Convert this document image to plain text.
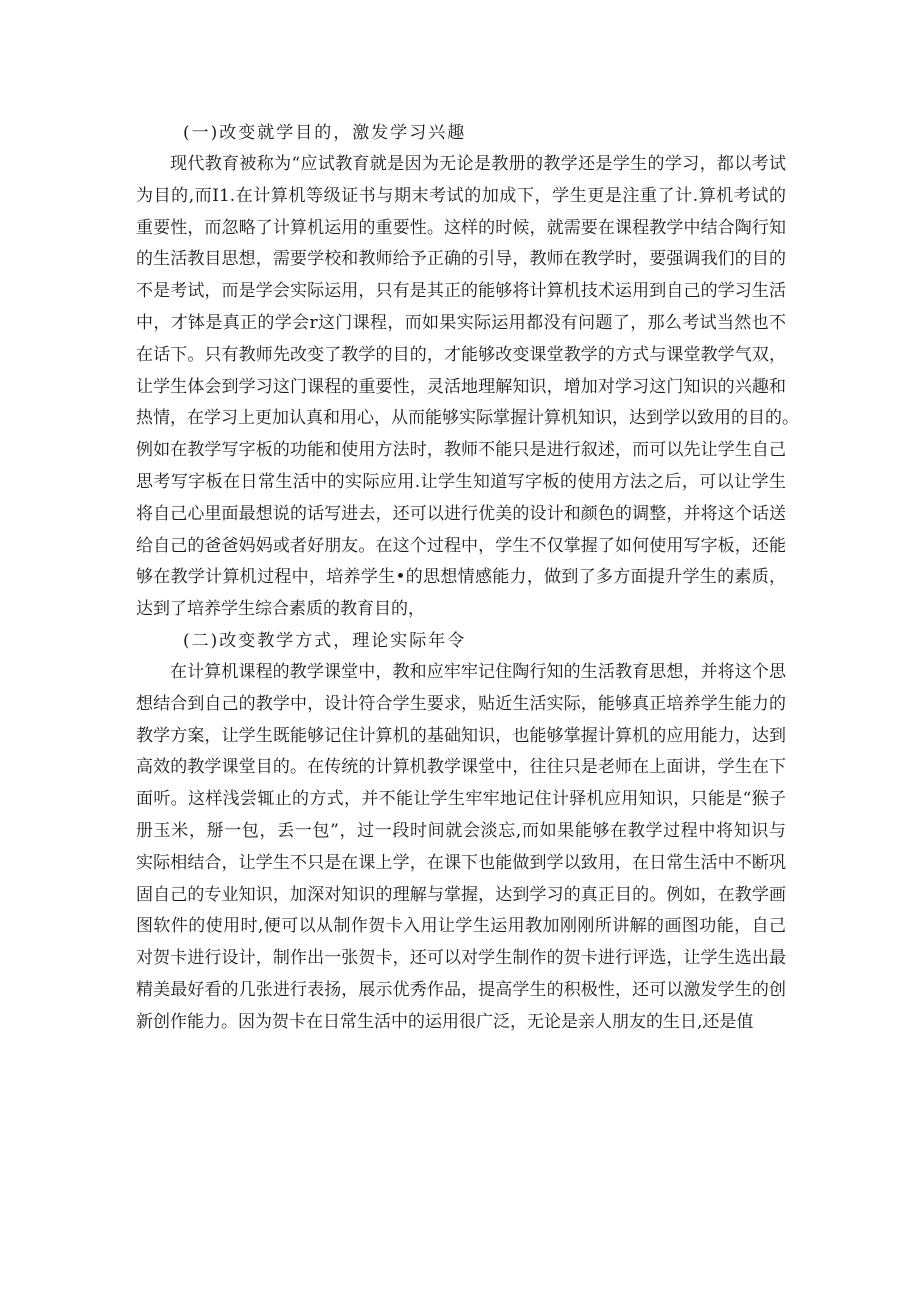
(一)改变就学目的，激发学习兴趣
现代教育被称为“应试教育就是因为无论是教册的教学还是学生的学习，都以考试
为目的,而I1.在计算机等级证书与期末考试的加成下，学生更是注重了计.算机考试的
重要性，而忽略了计算机运用的重要性。这样的时候，就需要在课程教学中结合陶行知
的生活教目思想，需要学校和教师给予正确的引导，教师在教学时，要强调我们的目的
不是考试，而是学会实际运用，只有是其正的能够将计算机技术运用到自己的学习生活
中，才钵是真正的学会r这门课程，而如果实际运用都没有问题了，那么考试当然也不
在话下。只有教师先改变了教学的目的，才能够改变课堂教学的方式与课堂教学气双，
让学生体会到学习这门课程的重要性，灵活地理解知识，增加对学习这门知识的兴趣和
热情，在学习上更加认真和用心，从而能够实际掌握计算机知识，达到学以致用的目的。
例如在教学写字板的功能和使用方法时，教师不能只是进行叙述，而可以先让学生自己
思考写字板在日常生活中的实际应用.让学生知道写字板的使用方法之后，可以让学生
将自己心里面最想说的话写进去，还可以进行优美的设计和颜色的调整，并将这个话送
给自己的爸爸妈妈或者好朋友。在这个过程中，学生不仅掌握了如何使用写字板，还能
够在教学计算机过程中，培养学生•的思想情感能力，做到了多方面提升学生的素质，
达到了培养学生综合素质的教育目的，
(二)改变教学方式，理论实际年令
在计算机课程的教学课堂中，教和应牢牢记住陶行知的生活教育思想，并将这个思
想结合到自己的教学中，设计符合学生要求，贴近生活实际，能够真正培养学生能力的
教学方案，让学生既能够记住计算机的基础知识，也能够掌握计算机的应用能力，达到
高效的教学课堂目的。在传统的计算机教学课堂中，往往只是老师在上面讲，学生在下
面听。这样浅尝辄止的方式，并不能让学生牢牢地记住计驿机应用知识，只能是“猴子
册玉米，掰一包，丢一包”，过一段时间就会淡忘,而如果能够在教学过程中将知识与
实际相结合，让学生不只是在课上学，在课下也能做到学以致用，在日常生活中不断巩
固自己的专业知识，加深对知识的理解与掌握，达到学习的真正目的。例如，在教学画
图软件的使用时,便可以从制作贺卡入用让学生运用教加刚刚所讲解的画图功能，自己
对贺卡进行设计，制作出一张贺卡，还可以对学生制作的贺卡进行评选，让学生选出最
精美最好看的几张进行表扬，展示优秀作品，提高学生的积极性，还可以激发学生的创
新创作能力。因为贺卡在日常生活中的运用很广泛，无论是亲人朋友的生日,还是值
